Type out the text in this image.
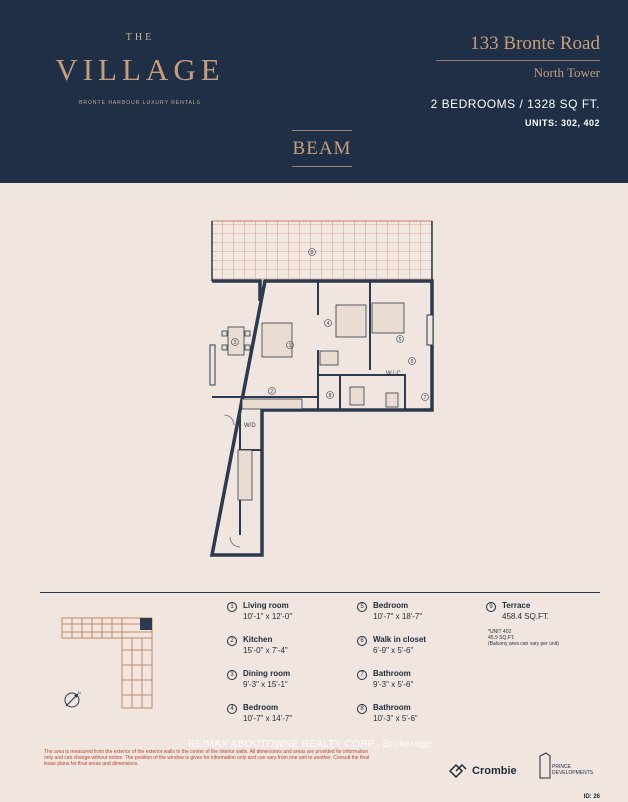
THE
VILLAGE
BRONTE HARBOUR LUXURY RENTALS
133 Bronte Road
North Tower
2 BEDROOMS / 1328 SQ FT.
UNITS: 302, 402
BEAM
W.I.C
W/D
9
3	1
4
5
6
7
8
2
N
1	Living room
10'-1" x 12'-0"
2	Kitchen
15'-0" x 7'-4"
3	Dining room
9'-3" x 15'-1"
4	Bedroom
10'-7" x 14'-7"
5	Bedroom
10'-7" x 18'-7"
6	Walk in closet
6'-9" x 5'-6"
7	Bathroom
9'-3" x 5'-6"
8	Bathroom
10'-3" x 5'-6"
9	Terrace
458.4 SQ.FT.
*UNIT 402
45.9 SQ.FT.
(Balcony area can vary per unit)
The area is measured from the exterior of the exterior walls to the center of the interior walls. All dimensions and areas are provided for information only and can change without notice. The position of the window is given for information only and can vary from one unit to another. Consult the final lease plans for final areas and dimensions.
RE/MAX ABOUTOWNE REALTY CORP., Brokerage
Crombie	PRINCE
DEVELOPMENTS
ID: 26
